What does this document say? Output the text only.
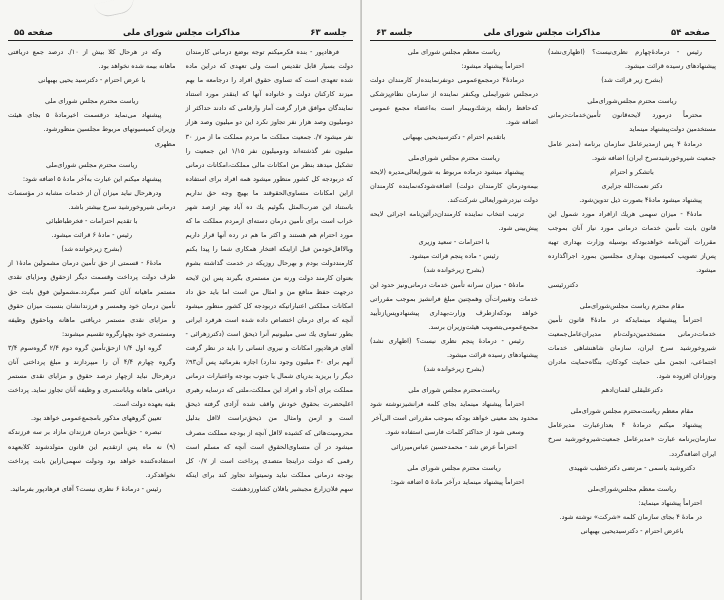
جلسه ۶۳
مذاکرات مجلس شورای ملی
صفحه ۵۵

فرهادپور - بنده فکرمیکنم توجه بوضع درمانی کارمندان دولت بسیار قابل تقدیس است ولی تعهدی که دراین ماده شده تعهدی است که تساوی حقوق افراد را درجامعه ما بهم میزند کارکنان دولت و خانواده آنها که اینقدر مورد استناد نمایندگان موافق قرار گرفت آمار وارقامی که دادند حداکثر از دومیلیون وصد هزار نفر تجاوز نکرد این دو میلیون وصد هزار نفر میشود ۷/. جمعیت مملکت ما مردم مملکت ما از مرز ۳۰ میلیون نفر گذشته‌اند ودومیلیون نفر ۱/۱۵ این جمعیت را تشکیل میدهد بنظر من امکانات مالی مملکت،امکانات درمانی که دربودجه کل کشور منظور میشود همه افراد برای استفاده ازاین امکانات متساوی‌الحقوقند ما بهیچ وجه حق نداریم باستناد این ضرب‌المثل بگوئیم یك ده آباد بهتر ازصد شهر خراب است برای تأمین درمان دسته‌ای ازمردم مملکت ما که مورد احترام هم هستند و اکثر ما هم در رده آنها قرار داریم وبالااقل‌خودمن قبل ازاینکه افتخار همکاری شما را پیدا بکنم کارمنددولت بودم و بهرحال روزیکه در خدمت گذاشته بشوم بعنوان کارمند دولت ورنه من مستمری بگیرند پس این لایحه درجهت حفظ منافع من و امثال من است اما باید حق داد امکانات مملکتی اعتباراتیکه دربودجه کل کشور منظور میشود آنچه که برای درمان اختصاص داده شده است هرفرد ایرانی بطور تساوی یك سی میلیونیم آنرا ذیحق است (دکترزهرائی - آقای فرهادپور امکانات و نیروی انسانی را باید در نظر گرفت آنهم برای ۳۰ میلیون وجود ندارد) اجازه بفرمائید پس آن۹۳٪ دیگر را بریزید بدریای شمال یا جنوب بودجه واعتبارات درمانی مملکت برای آحاد و افراد این مملکت،ملتی که درسایه رهبری اعلیحضرت بحقوق خودش واقف شده آزادی گرفته ذیحق است و ازمن وامثال من ذیحق‌تراست لااقل بدلیل محرومیت‌هائی که کشیده لااقل آنچه از بودجه مملکت مصرف میشود در آن متساوی‌الحقوق است آنچه که مسلم است رقمی که دولت دراینجا متصدی پرداخت است از ۰/۷ کل بودجه درمانی مملکت نباید ونمیتواند تجاوز کند برای اینکه سهم فلان‌زارع مجبشیر یافلان کشاورزدهشت

وکه در هرحال کلا بیش از ۱۰/. درصد جمع دریافتی ماهانه بیمه شده نخواهد بود.

با عرض احترام - دکترسید یحیی بهبهانی

ریاست محترم مجلس شورای ملی

پیشنهاد می‌نماید درقسمت اخیرمادهٔ ۵ بجای هیئت وزیران کمیسیونهای مربوط مجلسین منظورشود.

مظهری

ریاست محترم مجلس شورای‌ملی

پیشنهاد میکنم این عبارت به‌آخر مادهٔ ۵ اضافه شود:

ودرهرحال نباید میزان آن از خدمات مشابه در مؤسسات درمانی شیروخورشید سرخ بیشتر باشد.

با تقدیم احترامات - فخرطباطبائی

رئیس - مادهٔ ۶ قرائت میشود.

(بشرح زیرخوانده شد)

مادهٔ۶ - قسمتی از حق تأمین درمان مشمولین مادهٔ۱ از طرف دولت پرداخت وقسمت دیگر ازحقوق ومزایای نقدی مستمر ماهیانه آنان کسر میگردد.مشمولین فوق بابت حق تأمین درمان خود وهمسر و فرزندانشان بنسبت میزان حقوق و مزایای نقدی مستمر دریافتی ماهانه وباحقوق وظیفه ومستمری خود بچهارگروه تقسیم میشوند:

گروه اول ۱/۴ ازحق‌تأمین گروه دوم ۲/۴ گروه‌سوم ۳/۴ وگروه چهارم ۴/۴ آن را میپردازند و مبلغ پرداختی آنان درهرحال نباید ازچهار درصد حقوق و مزایای نقدی مستمر دریافتی ماهانه وباباستمری و وظیفه آنان تجاوز نماید. پرداخت بقیه بعهده دولت است.

تعیین گروههای مذکور بامجمع‌عمومی خواهد بود.

تبصره - حق‌تأمین درمان فرزندان مازاد بر سه فرزندکه (۹) نه ماه پس ازتقدیم این قانون متولدشوند کلابعهده استفاده‌کننده خواهد بود ودولت سهمی‌ازاین بابت پرداخت نخواهدکرد.

رئیس - درمادهٔ ۶ نظری نیست؟ آقای فرهادپور بفرمائید.

صفحه ۵۴
مذاکرات مجلس شورای ملی
جلسه ۶۳

رئیس - درمادهٔ‌چهارم نظری‌نیست؟ (اظهاری‌نشد) پیشنهادهای رسیده قرائت میشود.

(بشرح زیر قرائت شد)

ریاست محترم مجلس‌شورای‌ملی

محترماً درمورد لایحه‌قانون تأمین‌خدمات‌درمانی مستخدمین دولت‌پیشنهاد مینماید

درمادهٔ ۴ پس ازمدیرعامل سازمان برنامه (مدیر عامل جمعیت شیروخورشیدسرخ ایران) اضافه شود.

باتشکر و احترام

دکتر نعمت‌الله جزایری

پیشنهاد میشود مادهٔ۴ بصورت ذیل تدوین‌شود.

مادهٔ۴ - میزان سهمی هریك ازافراد مورد شمول این قانون بابت تأمین خدمات درمانی مورد نیاز آنان بموجب مقررات آئین‌نامه خواهدبودکه بوسیله وزارت بهداری تهیه پس‌از تصویب کمیسیون بهداری مجلسین بمورد اجراگذارده میشود.

دکتررئیسی

مقام محترم ریاست مجلس‌شورای‌ملی

احتراماً پیشنهاد مینمایدکه در مادهٔ۴ قانون تأمین خدمات‌درمانی مستخدمین‌دولت‌نام مدیران‌عامل‌جمعیت شیروخورشید سرخ ایران، سازمان شاهنشاهی خدمات اجتماعی، انجمن ملی حمایت کودکان، بنگاه‌حمایت مادران ونوزادان افزوده شود.

دکترعلیقلی لقمان‌ادهم

مقام معظم ریاست‌محترم مجلس شورای‌ملی

پیشنهاد میکنم درمادهٔ ۴ بعدازعبارت مدیرعامل سازمان‌برنامه عبارت «مدیرعامل جمعیت‌شیروخورشید سرخ ایران اضافه‌گردد.

دکتروشید یاسمی - مرتضی دکترخطیب شهیدی

ریاست معظم مجلس‌شورای‌ملی

احتراماً پیشنهاد مینماید:

در مادهٔ ۴ بجای سازمان کلمه «شرکت» نوشته شود.

باعرض احترام - دکترسیدیحیی بهبهانی

ریاست معظم مجلس شورای ملی

احتراماً پیشنهاد میشود:

درمادهٔ۴ درمجمع‌عمومی دونفرنماینده‌از کارمندان دولت درمجلس شورایملی ویکنفر نماینده از سازمان نظام‌پزشکی که‌حافظ رابطه پزشك‌وبیمار است به‌اعضاء مجمع عمومی اضافه شود.

باتقدیم احترام - دکترسیدیحیی بهبهانی

ریاست محترم مجلس شورای‌ملی

پیشنهاد میشود درماده مربوط به شورایعالی‌مدیره (لایحه بیمه‌ودرمان کارمندان دولت) اضافه‌شودکه‌نماینده کارمندان دولت نیزدرشورایعالی شرکت‌کند.

ترتیب انتخاب نماینده کارمندان‌درآئین‌نامه اجرائی لایحه پیش‌بینی شود.

با احترامات - سعید وزیری

رئیس - ماده پنجم قرائت میشود.

(بشرح زیرخوانده شد)

مادهٔ۵ - میزان سرانه تأمین خدمات درمانی‌ونیز حدود این خدمات وتغییرات‌آن وهمچنین مبلغ فرانشیز بموجب مقرراتی خواهد بودکه‌ازطرف وزارت‌بهداری پیشنهادوپس‌ازتأیید مجمع‌عمومی‌بتصویب هیئت‌وزیران برسد.

رئیس - درمادهٔ پنجم نظری نیست؟ (اظهاری نشد) پیشنهادهای رسیده قرائت میشود.

(بشرح زیرخوانده شد)

ریاست‌محترم مجلس شورای ملی

احتراماً پیشنهاد مینماید بجای کلمه فرانشیزنوشته شود محدود بحد معینی خواهد بودکه بموجب مقرراتی است الی‌آخر

وسعی شود از حداکثر کلمات فارسی استفاده شود.

احتراماً عرض شد - محمدحسین عباس‌میرزائی

ریاست محترم مجلس شورای ملی

احتراماً پیشنهاد مینماید درآخر مادهٔ ۵ اضافه شود:
